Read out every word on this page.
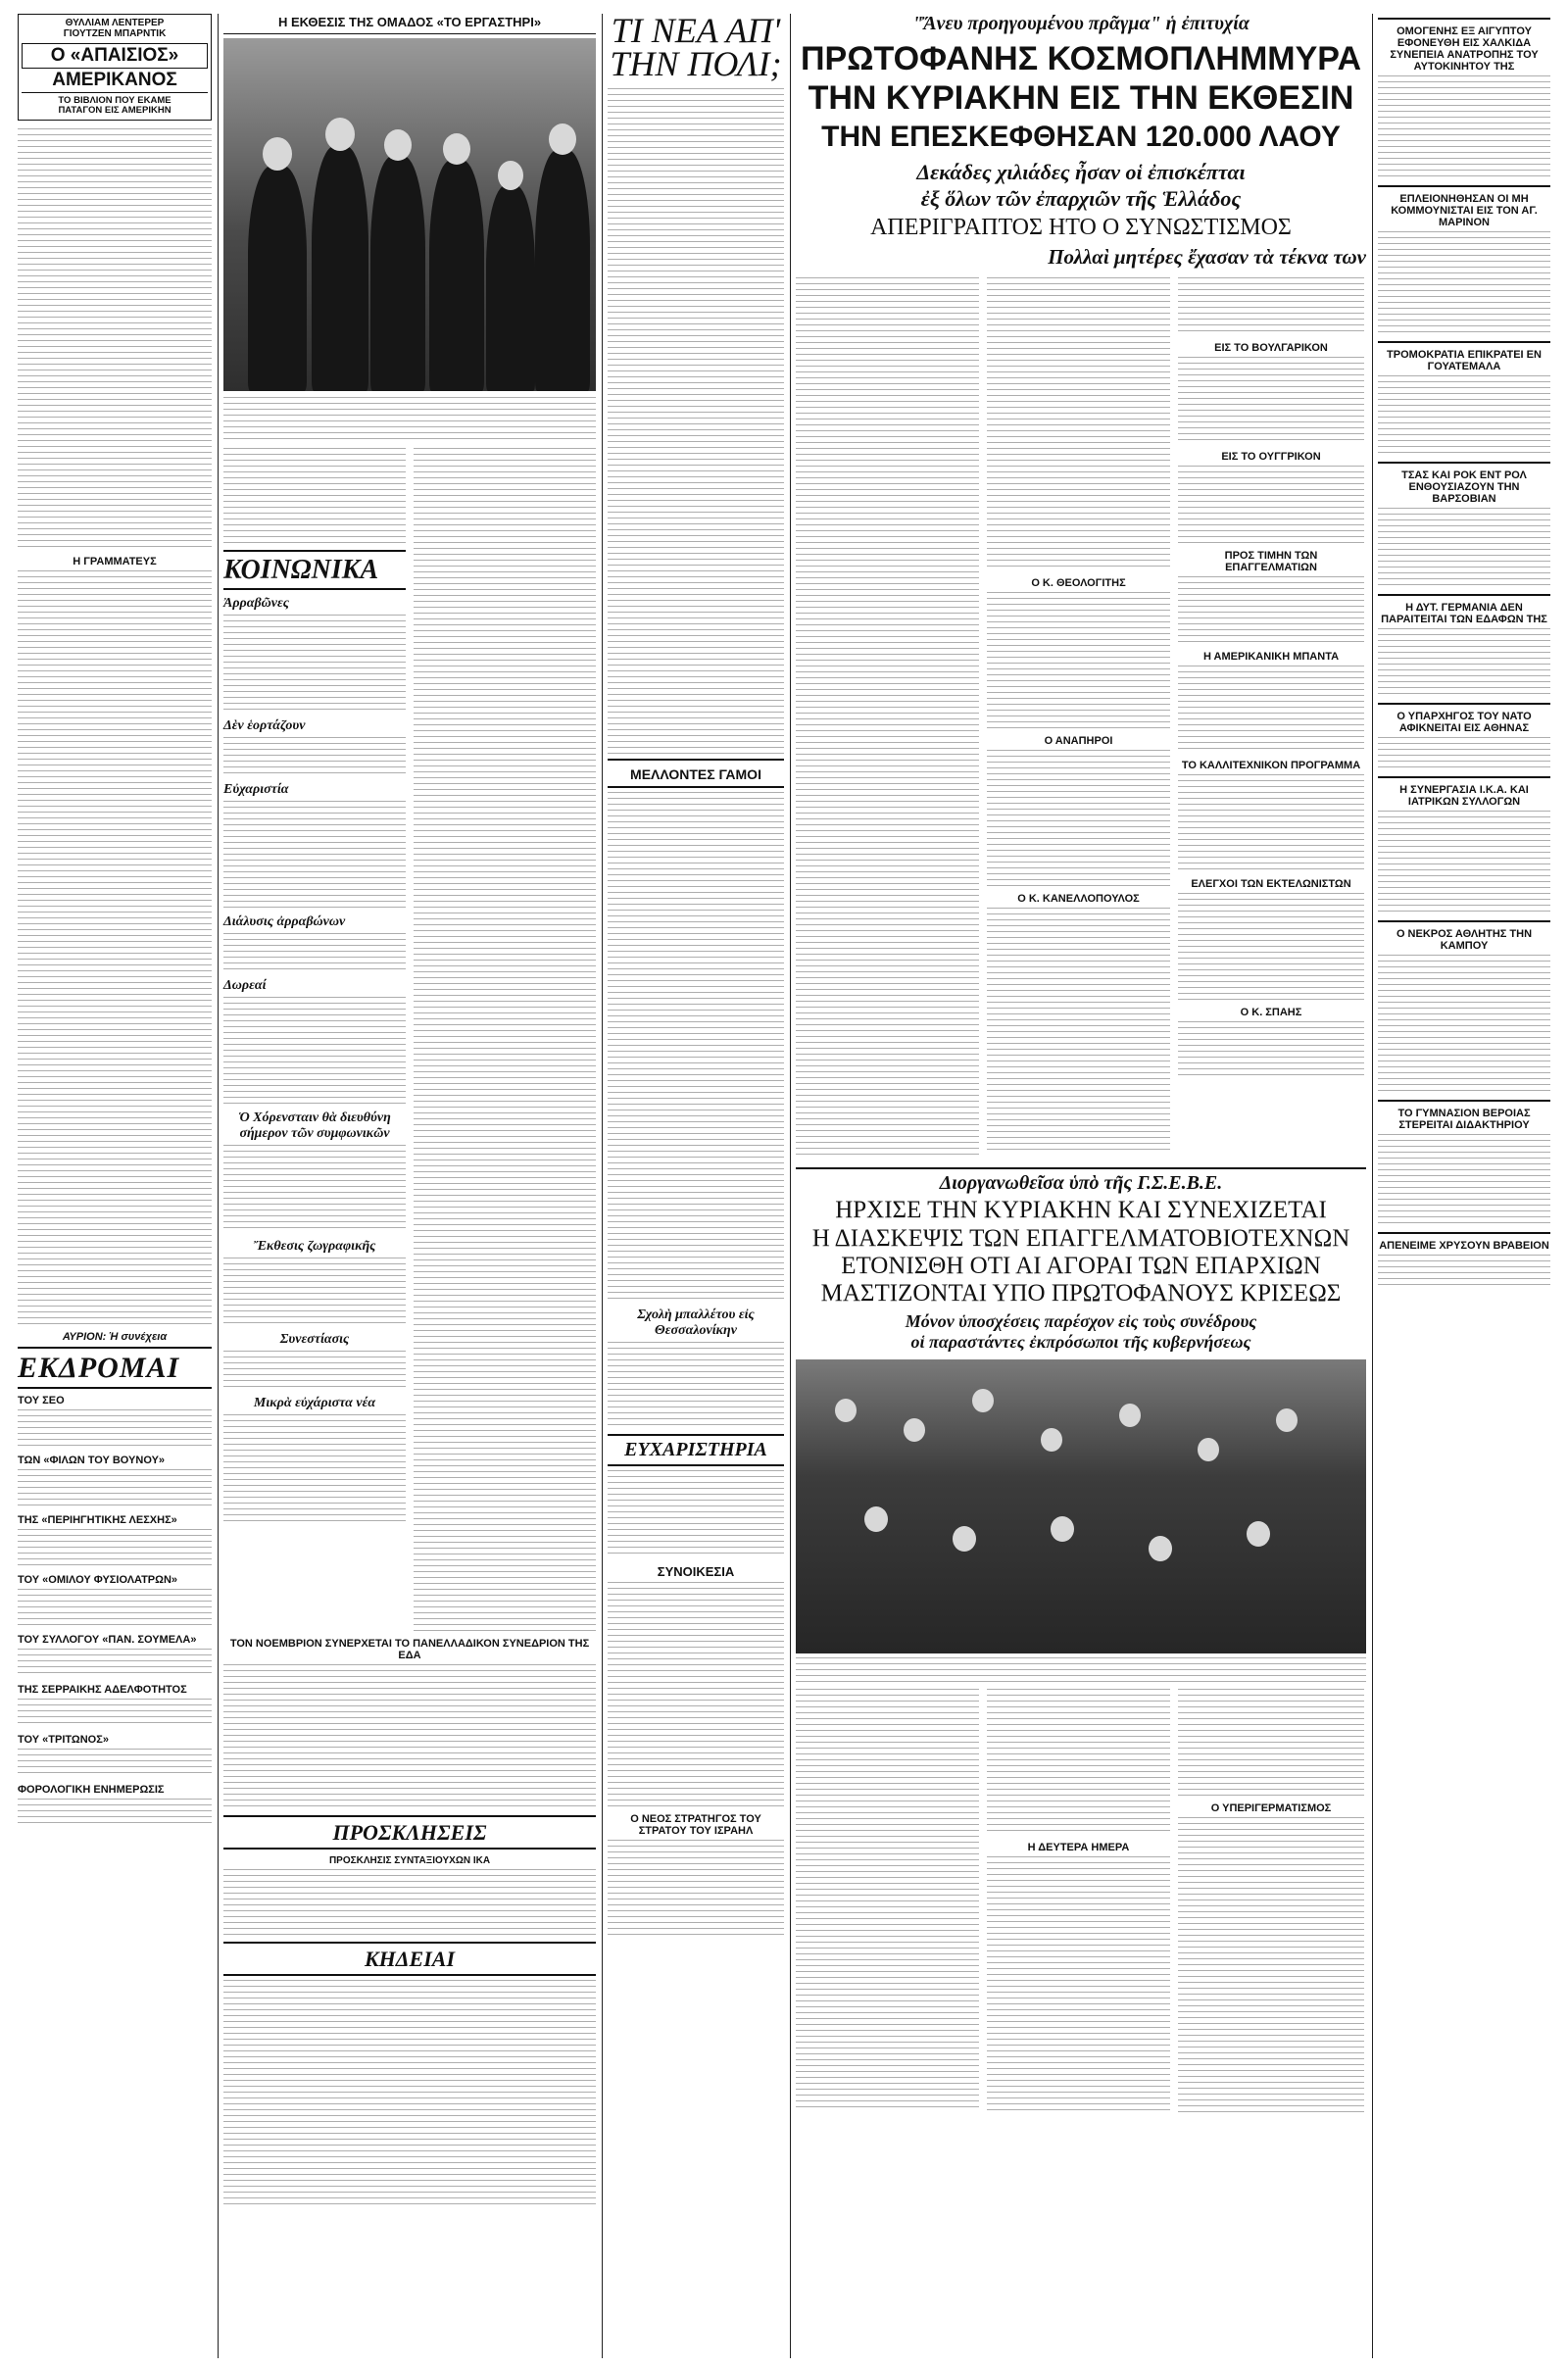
ΘΥΛΛΙΑΜ ΛΕΝΤΕΡΕΡ
ΓΙΟΥΤΖΕΝ ΜΠΑΡΝΤΙΚ
Ο «ΑΠΑΙΣΙΟΣ»
ΑΜΕΡΙΚΑΝΟΣ
ΤΟ ΒΙΒΛΙΟΝ ΠΟΥ ΕΚΑΜΕ
ΠΑΤΑΓΟΝ ΕΙΣ ΑΜΕΡΙΚΗΝ
Η ΓΡΑΜΜΑΤΕΥΣ
ΑΥΡΙΟΝ: Ἡ συνέχεια
ΕΚΔΡΟΜΑΙ
ΤΟΥ ΣΕΟ
ΤΩΝ «ΦΙΛΩΝ ΤΟΥ ΒΟΥΝΟΥ»
ΤΗΣ «ΠΕΡΙΗΓΗΤΙΚΗΣ ΛΕΣΧΗΣ»
ΤΟΥ «ΟΜΙΛΟΥ ΦΥΣΙΟΛΑΤΡΩΝ»
ΤΟΥ ΣΥΛΛΟΓΟΥ «ΠΑΝ. ΣΟΥΜΕΛΑ»
ΤΗΣ ΣΕΡΡΑΙΚΗΣ ΑΔΕΛΦΟΤΗΤΟΣ
ΤΟΥ «ΤΡΙΤΩΝΟΣ»
ΦΟΡΟΛΟΓΙΚΗ ΕΝΗΜΕΡΩΣΙΣ
Η ΕΚΘΕΣΙΣ ΤΗΣ ΟΜΑΔΟΣ «ΤΟ ΕΡΓΑΣΤΗΡΙ»
ΚΟΙΝΩΝΙΚΑ
Ἀρραβῶνες
Δὲν ἑορτάζουν
Εὐχαριστία
Διάλυσις ἀρραβώνων
Δωρεαί
Ὁ Χόρενσταιν θὰ διευθύνη σήμερον τῶν συμφωνικῶν
Ἔκθεσις ζωγραφικῆς
Συνεστίασις
Μικρὰ εὐχάριστα νέα
ΤΟΝ ΝΟΕΜΒΡΙΟΝ ΣΥΝΕΡΧΕΤΑΙ ΤΟ ΠΑΝΕΛΛΑΔΙΚΟΝ ΣΥΝΕΔΡΙΟΝ ΤΗΣ ΕΔΑ
ΠΡΟΣΚΛΗΣΕΙΣ
ΠΡΟΣΚΛΗΣΙΣ ΣΥΝΤΑΞΙΟΥΧΩΝ ΙΚΑ
ΚΗΔΕΙΑΙ
ΤΙ ΝΕΑ ΑΠ' ΤΗΝ ΠΟΛΙ;
ΜΕΛΛΟΝΤΕΣ ΓΑΜΟΙ
Σχολὴ μπαλλέτου εἰς Θεσσαλονίκην
ΕΥΧΑΡΙΣΤΗΡΙΑ
ΣΥΝΟΙΚΕΣΙΑ
Ο ΝΕΟΣ ΣΤΡΑΤΗΓΟΣ ΤΟΥ ΣΤΡΑΤΟΥ ΤΟΥ ΙΣΡΑΗΛ
"Ἄνευ προηγουμένου πρᾶγμα" ἡ ἐπιτυχία
ΠΡΩΤΟΦΑΝΗΣ ΚΟΣΜΟΠΛΗΜΜΥΡΑ
ΤΗΝ ΚΥΡΙΑΚΗΝ ΕΙΣ ΤΗΝ ΕΚΘΕΣΙΝ
ΤΗΝ ΕΠΕΣΚΕΦΘΗΣΑΝ 120.000 ΛΑΟΥ
Δεκάδες χιλιάδες ἦσαν οἱ ἐπισκέπται
ἐξ ὅλων τῶν ἐπαρχιῶν τῆς Ἑλλάδος
ΑΠΕΡΙΓΡΑΠΤΟΣ ΗΤΟ Ο ΣΥΝΩΣΤΙΣΜΟΣ
Πολλαὶ μητέρες ἔχασαν τὰ τέκνα των
Ο Κ. ΘΕΟΛΟΓΙΤΗΣ
Ο ΑΝΑΠΗΡΟΙ
Ο Κ. ΚΑΝΕΛΛΟΠΟΥΛΟΣ
ΕΙΣ ΤΟ ΒΟΥΛΓΑΡΙΚΟΝ
ΕΙΣ ΤΟ ΟΥΓΓΡΙΚΟΝ
ΠΡΟΣ ΤΙΜΗΝ ΤΩΝ ΕΠΑΓΓΕΛΜΑΤΙΩΝ
Η ΑΜΕΡΙΚΑΝΙΚΗ ΜΠΑΝΤΑ
ΤΟ ΚΑΛΛΙΤΕΧΝΙΚΟΝ ΠΡΟΓΡΑΜΜΑ
ΕΛΕΓΧΟΙ ΤΩΝ ΕΚΤΕΛΩΝΙΣΤΩΝ
Ο Κ. ΣΠΑΗΣ
Διοργανωθεῖσα ὑπὸ τῆς Γ.Σ.Ε.Β.Ε.
ΗΡΧΙΣΕ ΤΗΝ ΚΥΡΙΑΚΗΝ ΚΑΙ ΣΥΝΕΧΙΖΕΤΑΙ
Η ΔΙΑΣΚΕΨΙΣ ΤΩΝ ΕΠΑΓΓΕΛΜΑΤΟΒΙΟΤΕΧΝΩΝ
ΕΤΟΝΙΣΘΗ ΟΤΙ ΑΙ ΑΓΟΡΑΙ ΤΩΝ ΕΠΑΡΧΙΩΝ
ΜΑΣΤΙΖΟΝΤΑΙ ΥΠΟ ΠΡΩΤΟΦΑΝΟΥΣ ΚΡΙΣΕΩΣ
Μόνον ὑποσχέσεις παρέσχον εἰς τοὺς συνέδρους
οἱ παραστάντες ἐκπρόσωποι τῆς κυβερνήσεως
Η ΔΕΥΤΕΡΑ ΗΜΕΡΑ
Ο ΥΠΕΡΙΓΕΡΜΑΤΙΣΜΟΣ
ΟΜΟΓΕΝΗΣ ΕΞ ΑΙΓΥΠΤΟΥ ΕΦΟΝΕΥΘΗ ΕΙΣ ΧΑΛΚΙΔΑ ΣΥΝΕΠΕΙΑ ΑΝΑΤΡΟΠΗΣ ΤΟΥ ΑΥΤΟΚΙΝΗΤΟΥ ΤΗΣ
ΕΠΛΕΙΟΝΗΘΗΣΑΝ ΟΙ ΜΗ ΚΟΜΜΟΥΝΙΣΤΑΙ ΕΙΣ ΤΟΝ ΑΓ. ΜΑΡΙΝΟΝ
ΤΡΟΜΟΚΡΑΤΙΑ ΕΠΙΚΡΑΤΕΙ ΕΝ ΓΟΥΑΤΕΜΑΛΑ
ΤΣΑΣ ΚΑΙ ΡΟΚ ΕΝΤ ΡΟΛ ΕΝΘΟΥΣΙΑΖΟΥΝ ΤΗΝ ΒΑΡΣΟΒΙΑΝ
Η ΔΥΤ. ΓΕΡΜΑΝΙΑ ΔΕΝ ΠΑΡΑΙΤΕΙΤΑΙ ΤΩΝ ΕΔΑΦΩΝ ΤΗΣ
Ο ΥΠΑΡΧΗΓΟΣ ΤΟΥ ΝΑΤΟ ΑΦΙΚΝΕΙΤΑΙ ΕΙΣ ΑΘΗΝΑΣ
Η ΣΥΝΕΡΓΑΣΙΑ Ι.Κ.Α. ΚΑΙ ΙΑΤΡΙΚΩΝ ΣΥΛΛΟΓΩΝ
Ο ΝΕΚΡΟΣ ΑΘΛΗΤΗΣ ΤΗΝ ΚΑΜΠΟΥ
ΤΟ ΓΥΜΝΑΣΙΟΝ ΒΕΡΟΙΑΣ ΣΤΕΡΕΙΤΑΙ ΔΙΔΑΚΤΗΡΙΟΥ
ΑΠΕΝΕΙΜΕ ΧΡΥΣΟΥΝ ΒΡΑΒΕΙΟΝ
